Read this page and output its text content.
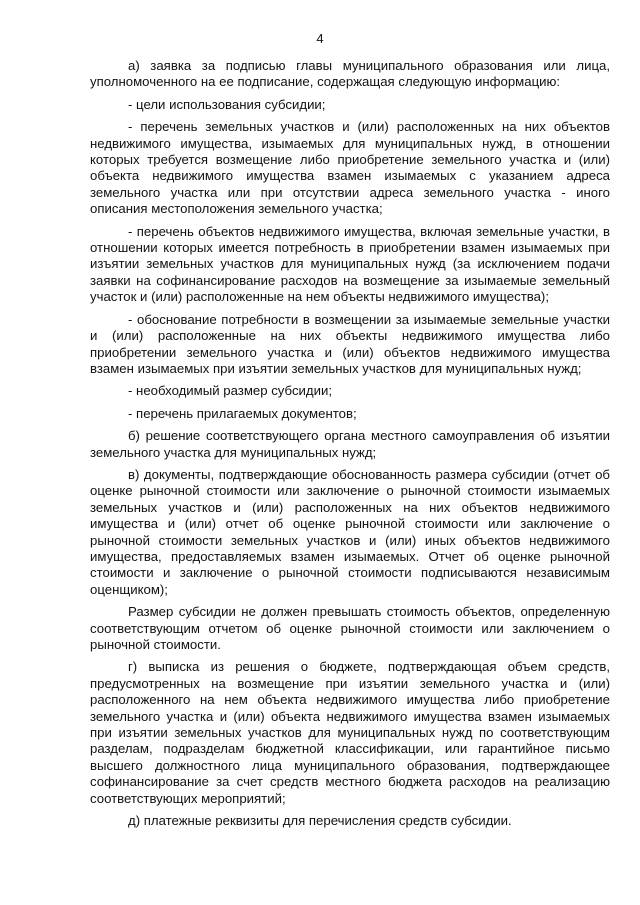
4

а) заявка за подписью главы муниципального образования или лица, уполномоченного на ее подписание, содержащая следующую информацию:

- цели использования субсидии;

- перечень земельных участков и (или) расположенных на них объектов недвижимого имущества, изымаемых для муниципальных нужд, в отношении которых требуется возмещение либо приобретение земельного участка и (или) объекта недвижимого имущества взамен изымаемых с указанием адреса земельного участка или при отсутствии адреса земельного участка - иного описания местоположения земельного участка;

- перечень объектов недвижимого имущества, включая земельные участки, в отношении которых имеется потребность в приобретении взамен изымаемых при изъятии земельных участков для муниципальных нужд (за исключением подачи заявки на софинансирование расходов на возмещение за изымаемые земельный участок и (или) расположенные на нем объекты недвижимого имущества);

- обоснование потребности в возмещении за изымаемые земельные участки и (или) расположенные на них объекты недвижимого имущества либо приобретении земельного участка и (или) объектов недвижимого имущества взамен изымаемых при изъятии земельных участков для муниципальных нужд;

- необходимый размер субсидии;

- перечень прилагаемых документов;

б) решение соответствующего органа местного самоуправления об изъятии земельного участка для муниципальных нужд;

в) документы, подтверждающие обоснованность размера субсидии (отчет об оценке рыночной стоимости или заключение о рыночной стоимости изымаемых земельных участков и (или) расположенных на них объектов недвижимого имущества и (или) отчет об оценке рыночной стоимости или заключение о рыночной стоимости земельных участков и (или) иных объектов недвижимого имущества, предоставляемых взамен изымаемых. Отчет об оценке рыночной стоимости и заключение о рыночной стоимости подписываются независимым оценщиком);

Размер субсидии не должен превышать стоимость объектов, определенную соответствующим отчетом об оценке рыночной стоимости или заключением о рыночной стоимости.

г) выписка из решения о бюджете, подтверждающая объем средств, предусмотренных на возмещение при изъятии земельного участка и (или) расположенного на нем объекта недвижимого имущества либо приобретение земельного участка и (или) объекта недвижимого имущества взамен изымаемых при изъятии земельных участков для муниципальных нужд по соответствующим разделам, подразделам бюджетной классификации, или гарантийное письмо высшего должностного лица муниципального образования, подтверждающее софинансирование за счет средств местного бюджета расходов на реализацию соответствующих мероприятий;

д) платежные реквизиты для перечисления средств субсидии.
